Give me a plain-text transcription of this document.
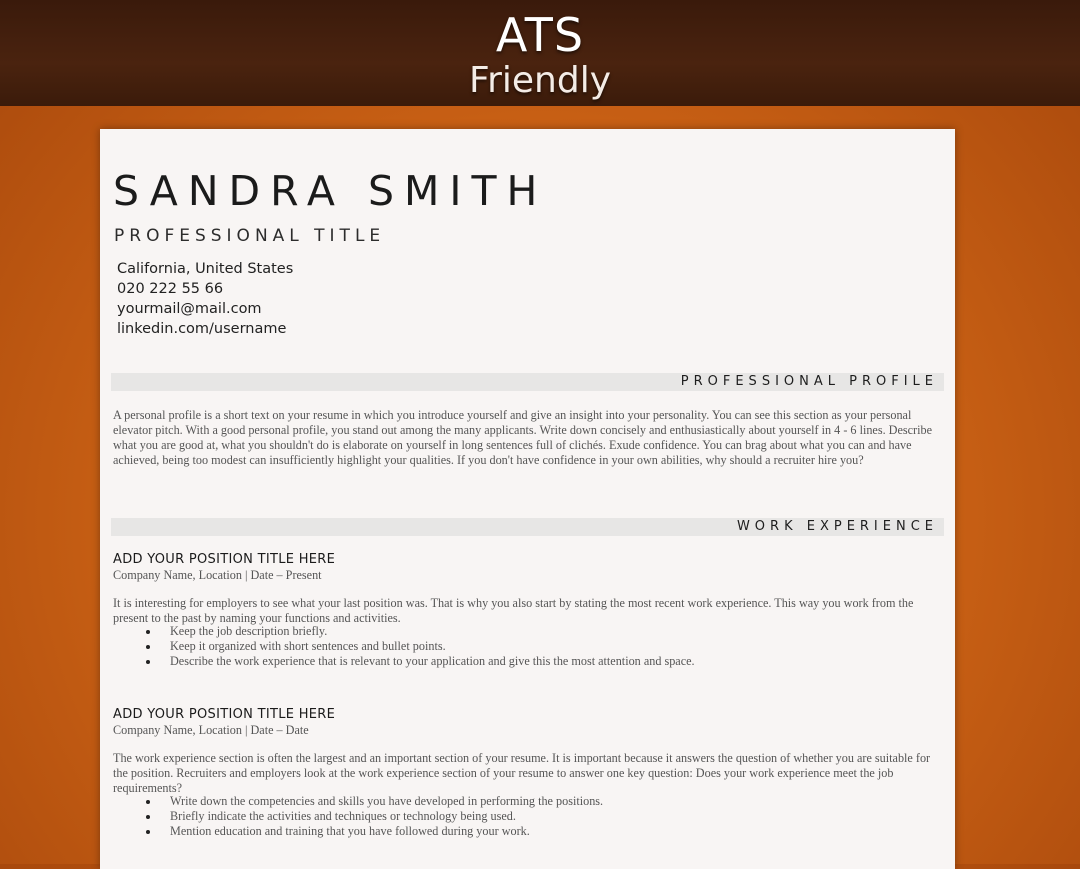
ATS
Friendly
SANDRA SMITH
PROFESSIONAL TITLE
California, United States
020 222 55 66
yourmail@mail.com
linkedin.com/username
PROFESSIONAL PROFILE
A personal profile is a short text on your resume in which you introduce yourself and give an insight into your personality. You can see this section as your personal elevator pitch. With a good personal profile, you stand out among the many applicants. Write down concisely and enthusiastically about yourself in 4 - 6 lines. Describe what you are good at, what you shouldn't do is elaborate on yourself in long sentences full of clichés. Exude confidence. You can brag about what you can and have achieved, being too modest can insufficiently highlight your qualities. If you don't have confidence in your own abilities, why should a recruiter hire you?
WORK EXPERIENCE
ADD YOUR POSITION TITLE HERE
Company Name, Location | Date – Present
It is interesting for employers to see what your last position was. That is why you also start by stating the most recent work experience. This way you work from the present to the past by naming your functions and activities.
Keep the job description briefly.
Keep it organized with short sentences and bullet points.
Describe the work experience that is relevant to your application and give this the most attention and space.
ADD YOUR POSITION TITLE HERE
Company Name, Location | Date – Date
The work experience section is often the largest and an important section of your resume. It is important because it answers the question of whether you are suitable for the position. Recruiters and employers look at the work experience section of your resume to answer one key question: Does your work experience meet the job requirements?
Write down the competencies and skills you have developed in performing the positions.
Briefly indicate the activities and techniques or technology being used.
Mention education and training that you have followed during your work.
